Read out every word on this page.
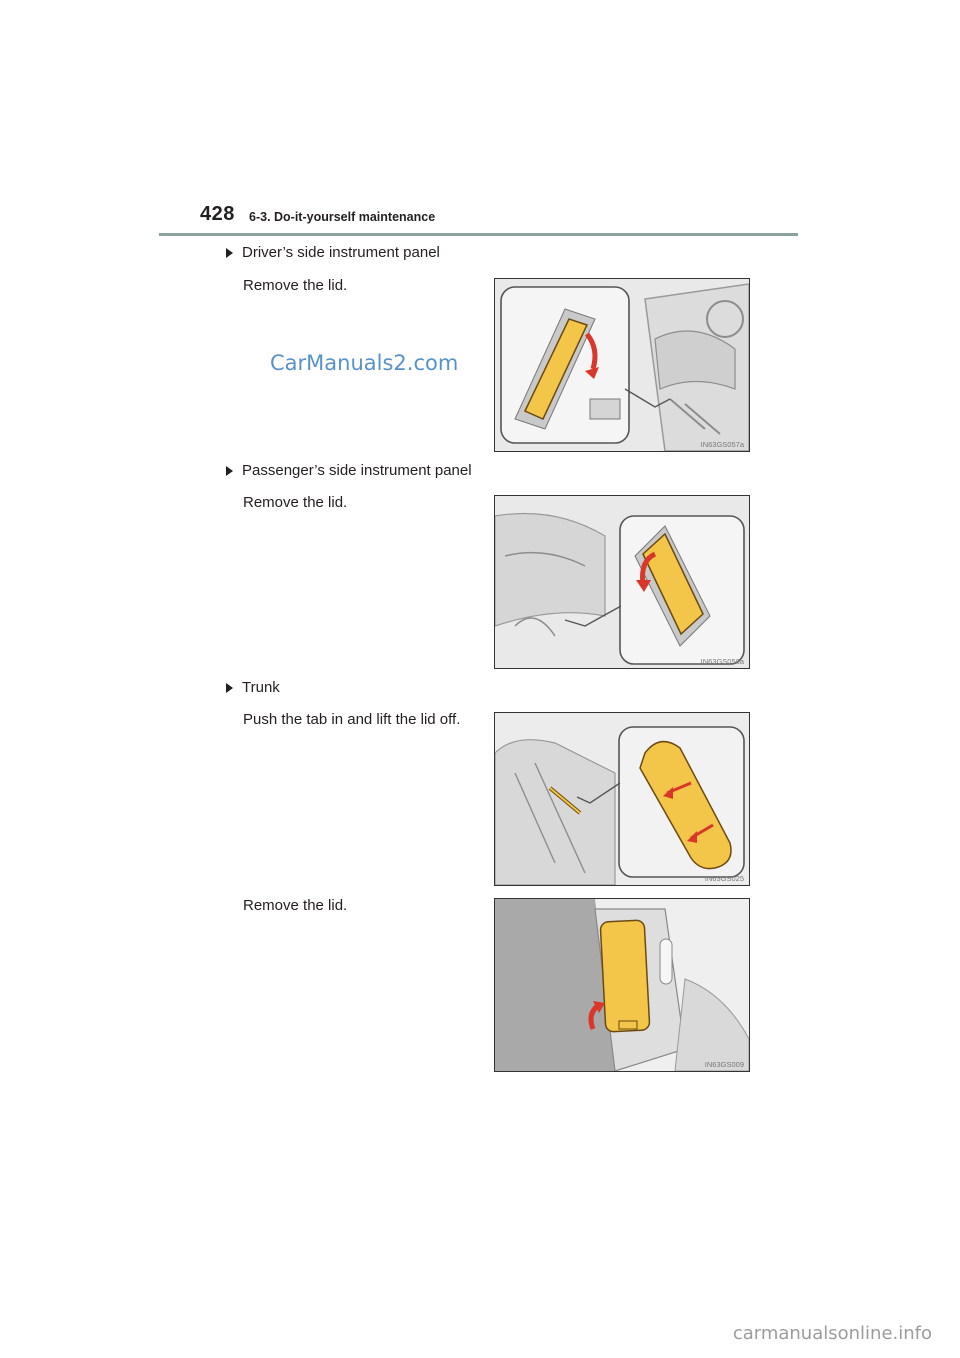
428 6-3. Do-it-yourself maintenance
CarManuals2.com
Driver’s side instrument panel
Remove the lid.
IN63GS057a
Passenger’s side instrument panel
Remove the lid.
IN63GS058a
Trunk
Push the tab in and lift the lid off.
IN63GS025
Remove the lid.
IN63GS009
carmanualsonline.info
